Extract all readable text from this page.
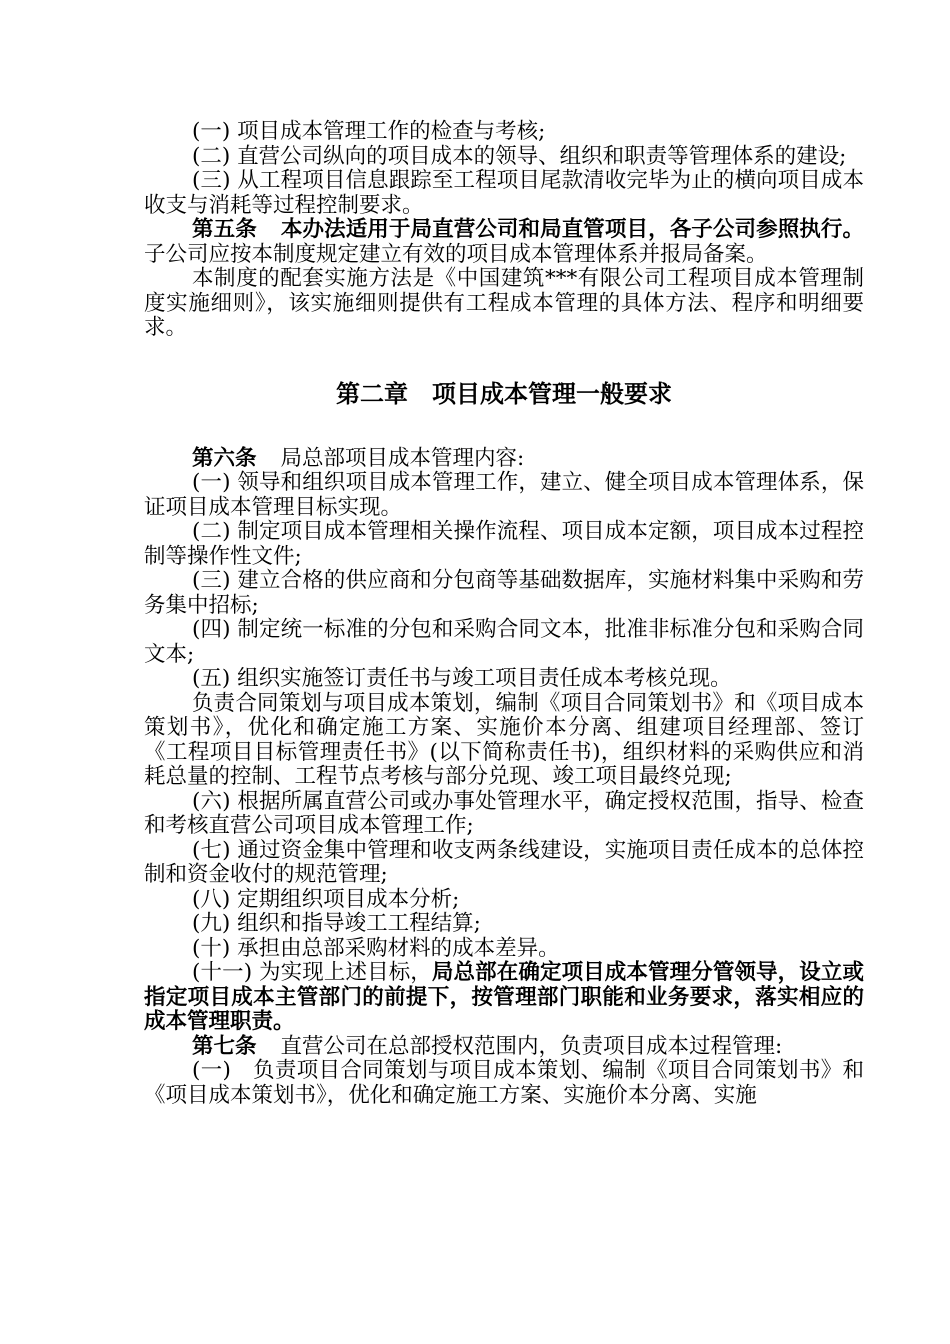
(一) 项目成本管理工作的检查与考核;

(二) 直营公司纵向的项目成本的领导、组织和职责等管理体系的建设;

(三) 从工程项目信息跟踪至工程项目尾款清收完毕为止的横向项目成本收支与消耗等过程控制要求。

第五条 本办法适用于局直营公司和局直管项目，各子公司参照执行。子公司应按本制度规定建立有效的项目成本管理体系并报局备案。

本制度的配套实施方法是《中国建筑***有限公司工程项目成本管理制度实施细则》，该实施细则提供有工程成本管理的具体方法、程序和明细要求。

第二章 项目成本管理一般要求

第六条 局总部项目成本管理内容:

(一) 领导和组织项目成本管理工作，建立、健全项目成本管理体系，保证项目成本管理目标实现。

(二) 制定项目成本管理相关操作流程、项目成本定额，项目成本过程控制等操作性文件;

(三) 建立合格的供应商和分包商等基础数据库，实施材料集中采购和劳务集中招标;

(四) 制定统一标准的分包和采购合同文本，批准非标准分包和采购合同文本;

(五) 组织实施签订责任书与竣工项目责任成本考核兑现。

负责合同策划与项目成本策划，编制《项目合同策划书》和《项目成本策划书》，优化和确定施工方案、实施价本分离、组建项目经理部、签订《工程项目目标管理责任书》(以下简称责任书)，组织材料的采购供应和消耗总量的控制、工程节点考核与部分兑现、竣工项目最终兑现;

(六) 根据所属直营公司或办事处管理水平，确定授权范围，指导、检查和考核直营公司项目成本管理工作;

(七) 通过资金集中管理和收支两条线建设，实施项目责任成本的总体控制和资金收付的规范管理;

(八) 定期组织项目成本分析;

(九) 组织和指导竣工工程结算;

(十) 承担由总部采购材料的成本差异。

(十一) 为实现上述目标，局总部在确定项目成本管理分管领导，设立或指定项目成本主管部门的前提下，按管理部门职能和业务要求，落实相应的成本管理职责。

第七条 直营公司在总部授权范围内，负责项目成本过程管理:

(一)　负责项目合同策划与项目成本策划、编制《项目合同策划书》和《项目成本策划书》，优化和确定施工方案、实施价本分离、实施
